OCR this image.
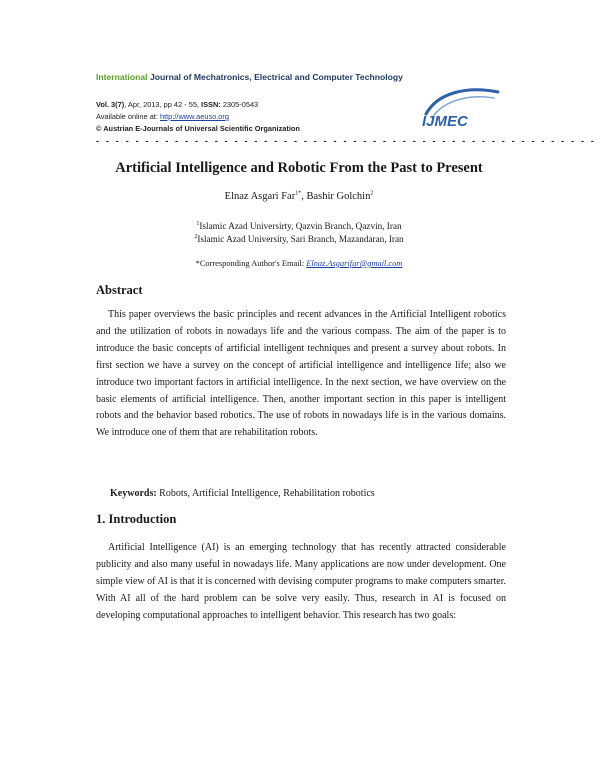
International Journal of Mechatronics, Electrical and Computer Technology
Vol. 3(7), Apr, 2013, pp 42 - 55, ISSN: 2305-0543
Available online at: http://www.aeuso.org
© Austrian E-Journals of Universal Scientific Organization	IJMEC
- - - - - - - - - - - - - - - - - - - - - - - - - - - - - - - - - - - - - - - - - - - - - - - - - - -
Artificial Intelligence and Robotic From the Past to Present
Elnaz Asgari Far$^{1*}$, Bashir Golchin$^2$
$^1$Islamic Azad Universirty, Qazvin Branch, Qazvin, Iran
$^2$Islamic Azad University, Sari Branch, Mazandaran, Iran
*Corresponding Author's Email: Elnaz.Asgarifar@gmail.com
Abstract
This paper overviews the basic principles and recent advances in the Artificial Intelligent robotics and the utilization of robots in nowadays life and the various compass. The aim of the paper is to introduce the basic concepts of artificial intelligent techniques and present a survey about robots. In first section we have a survey on the concept of artificial intelligence and intelligence life; also we introduce two important factors in artificial intelligence. In the next section, we have overview on the basic elements of artificial intelligence. Then, another important section in this paper is intelligent robots and the behavior based robotics. The use of robots in nowadays life is in the various domains. We introduce one of them that are rehabilitation robots.
Keywords: Robots, Artificial Intelligence, Rehabilitation robotics
1. Introduction
Artificial Intelligence (AI) is an emerging technology that has recently attracted considerable publicity and also many useful in nowadays life. Many applications are now under development. One simple view of AI is that it is concerned with devising computer programs to make computers smarter. With AI all of the hard problem can be solve very easily. Thus, research in AI is focused on developing computational approaches to intelligent behavior. This research has two goals:
